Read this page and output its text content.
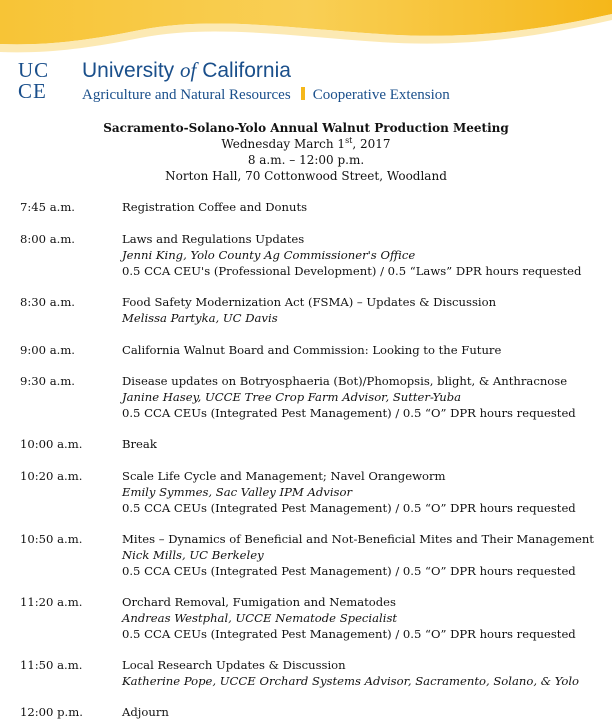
UC
CE
University of California
Agriculture and Natural Resources Cooperative Extension
Sacramento-Solano-Yolo Annual Walnut Production Meeting
Wednesday March 1st, 2017
8 a.m. – 12:00 p.m.
Norton Hall, 70 Cottonwood Street, Woodland
7:45 a.m.	Registration Coffee and Donuts
8:00 a.m.	Laws and Regulations Updates
Jenni King, Yolo County Ag Commissioner's Office
0.5 CCA CEU's (Professional Development) / 0.5 “Laws” DPR hours requested
8:30 a.m.	Food Safety Modernization Act (FSMA) – Updates & Discussion
Melissa Partyka, UC Davis
9:00 a.m.	California Walnut Board and Commission: Looking to the Future
9:30 a.m.	Disease updates on Botryosphaeria (Bot)/Phomopsis, blight, & Anthracnose
Janine Hasey, UCCE Tree Crop Farm Advisor, Sutter-Yuba
0.5 CCA CEUs (Integrated Pest Management) / 0.5 “O” DPR hours requested
10:00 a.m.	Break
10:20 a.m.	Scale Life Cycle and Management; Navel Orangeworm
Emily Symmes, Sac Valley IPM Advisor
0.5 CCA CEUs (Integrated Pest Management) / 0.5 “O” DPR hours requested
10:50 a.m.	Mites – Dynamics of Beneficial and Not-Beneficial Mites and Their Management
Nick Mills, UC Berkeley
0.5 CCA CEUs (Integrated Pest Management) / 0.5 “O” DPR hours requested
11:20 a.m.	Orchard Removal, Fumigation and Nematodes
Andreas Westphal, UCCE Nematode Specialist
0.5 CCA CEUs (Integrated Pest Management) / 0.5 “O” DPR hours requested
11:50 a.m.	Local Research Updates & Discussion
Katherine Pope, UCCE Orchard Systems Advisor, Sacramento, Solano, & Yolo
12:00 p.m.	Adjourn
